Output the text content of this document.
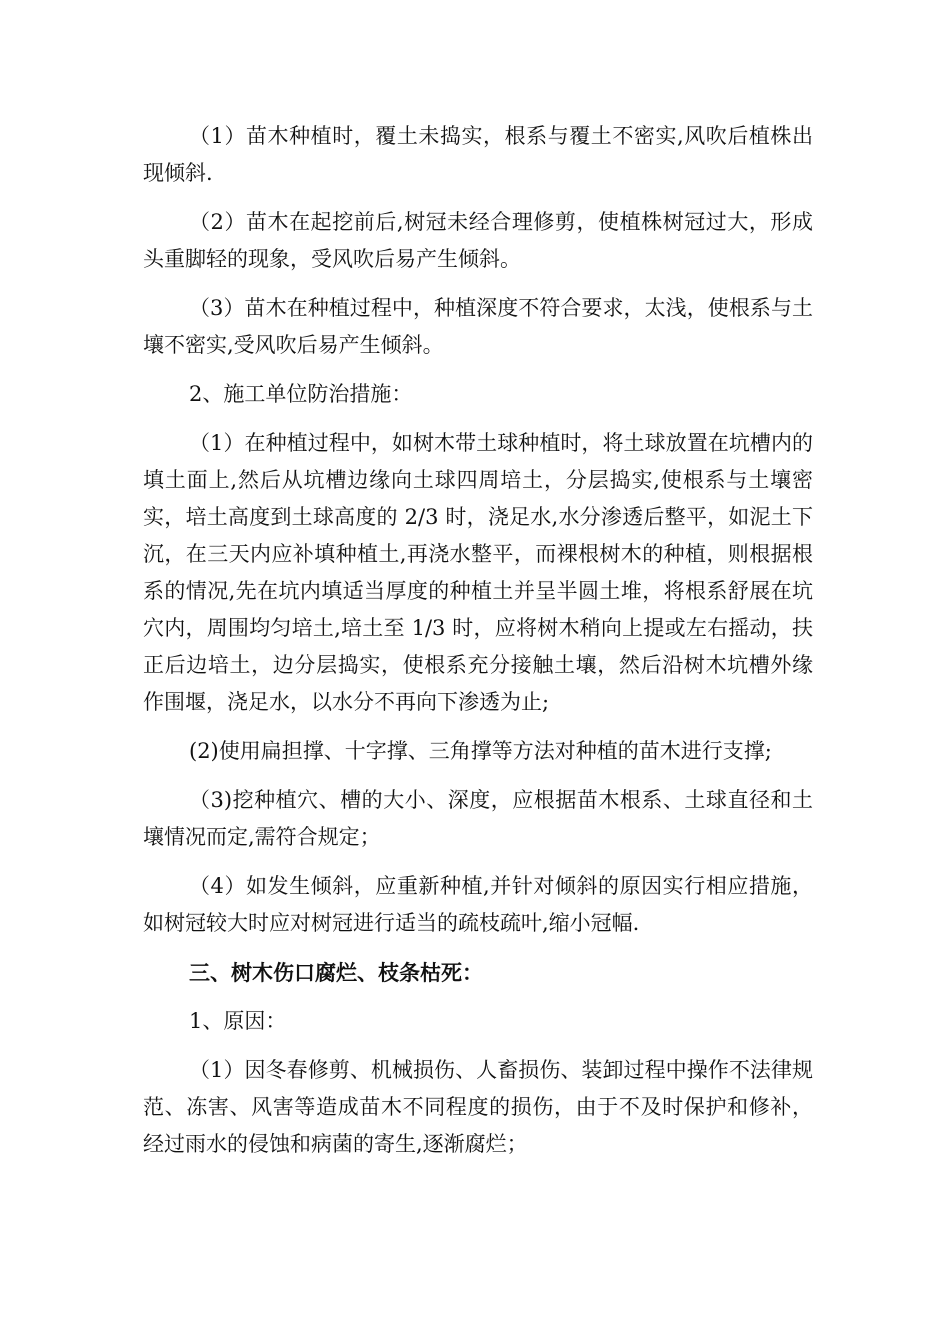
（1）苗木种植时，覆土未捣实，根系与覆土不密实,风吹后植株出现倾斜.

（2）苗木在起挖前后,树冠未经合理修剪，使植株树冠过大，形成头重脚轻的现象，受风吹后易产生倾斜。

（3）苗木在种植过程中，种植深度不符合要求，太浅，使根系与土壤不密实,受风吹后易产生倾斜。

2、施工单位防治措施：

（1）在种植过程中，如树木带土球种植时，将土球放置在坑槽内的填土面上,然后从坑槽边缘向土球四周培土，分层捣实,使根系与土壤密实，培土高度到土球高度的 2/3 时，浇足水,水分渗透后整平，如泥土下沉，在三天内应补填种植土,再浇水整平，而裸根树木的种植，则根据根系的情况,先在坑内填适当厚度的种植土并呈半圆土堆，将根系舒展在坑穴内，周围均匀培土,培土至 1/3 时，应将树木稍向上提或左右摇动，扶正后边培土，边分层捣实，使根系充分接触土壤，然后沿树木坑槽外缘作围堰，浇足水，以水分不再向下渗透为止;

(2)使用扁担撑、十字撑、三角撑等方法对种植的苗木进行支撑;

（3)挖种植穴、槽的大小、深度，应根据苗木根系、土球直径和土壤情况而定,需符合规定；

（4）如发生倾斜，应重新种植,并针对倾斜的原因实行相应措施，如树冠较大时应对树冠进行适当的疏枝疏叶,缩小冠幅.

三、树木伤口腐烂、枝条枯死：

1、原因：

（1）因冬春修剪、机械损伤、人畜损伤、装卸过程中操作不法律规范、冻害、风害等造成苗木不同程度的损伤，由于不及时保护和修补，经过雨水的侵蚀和病菌的寄生,逐渐腐烂；
